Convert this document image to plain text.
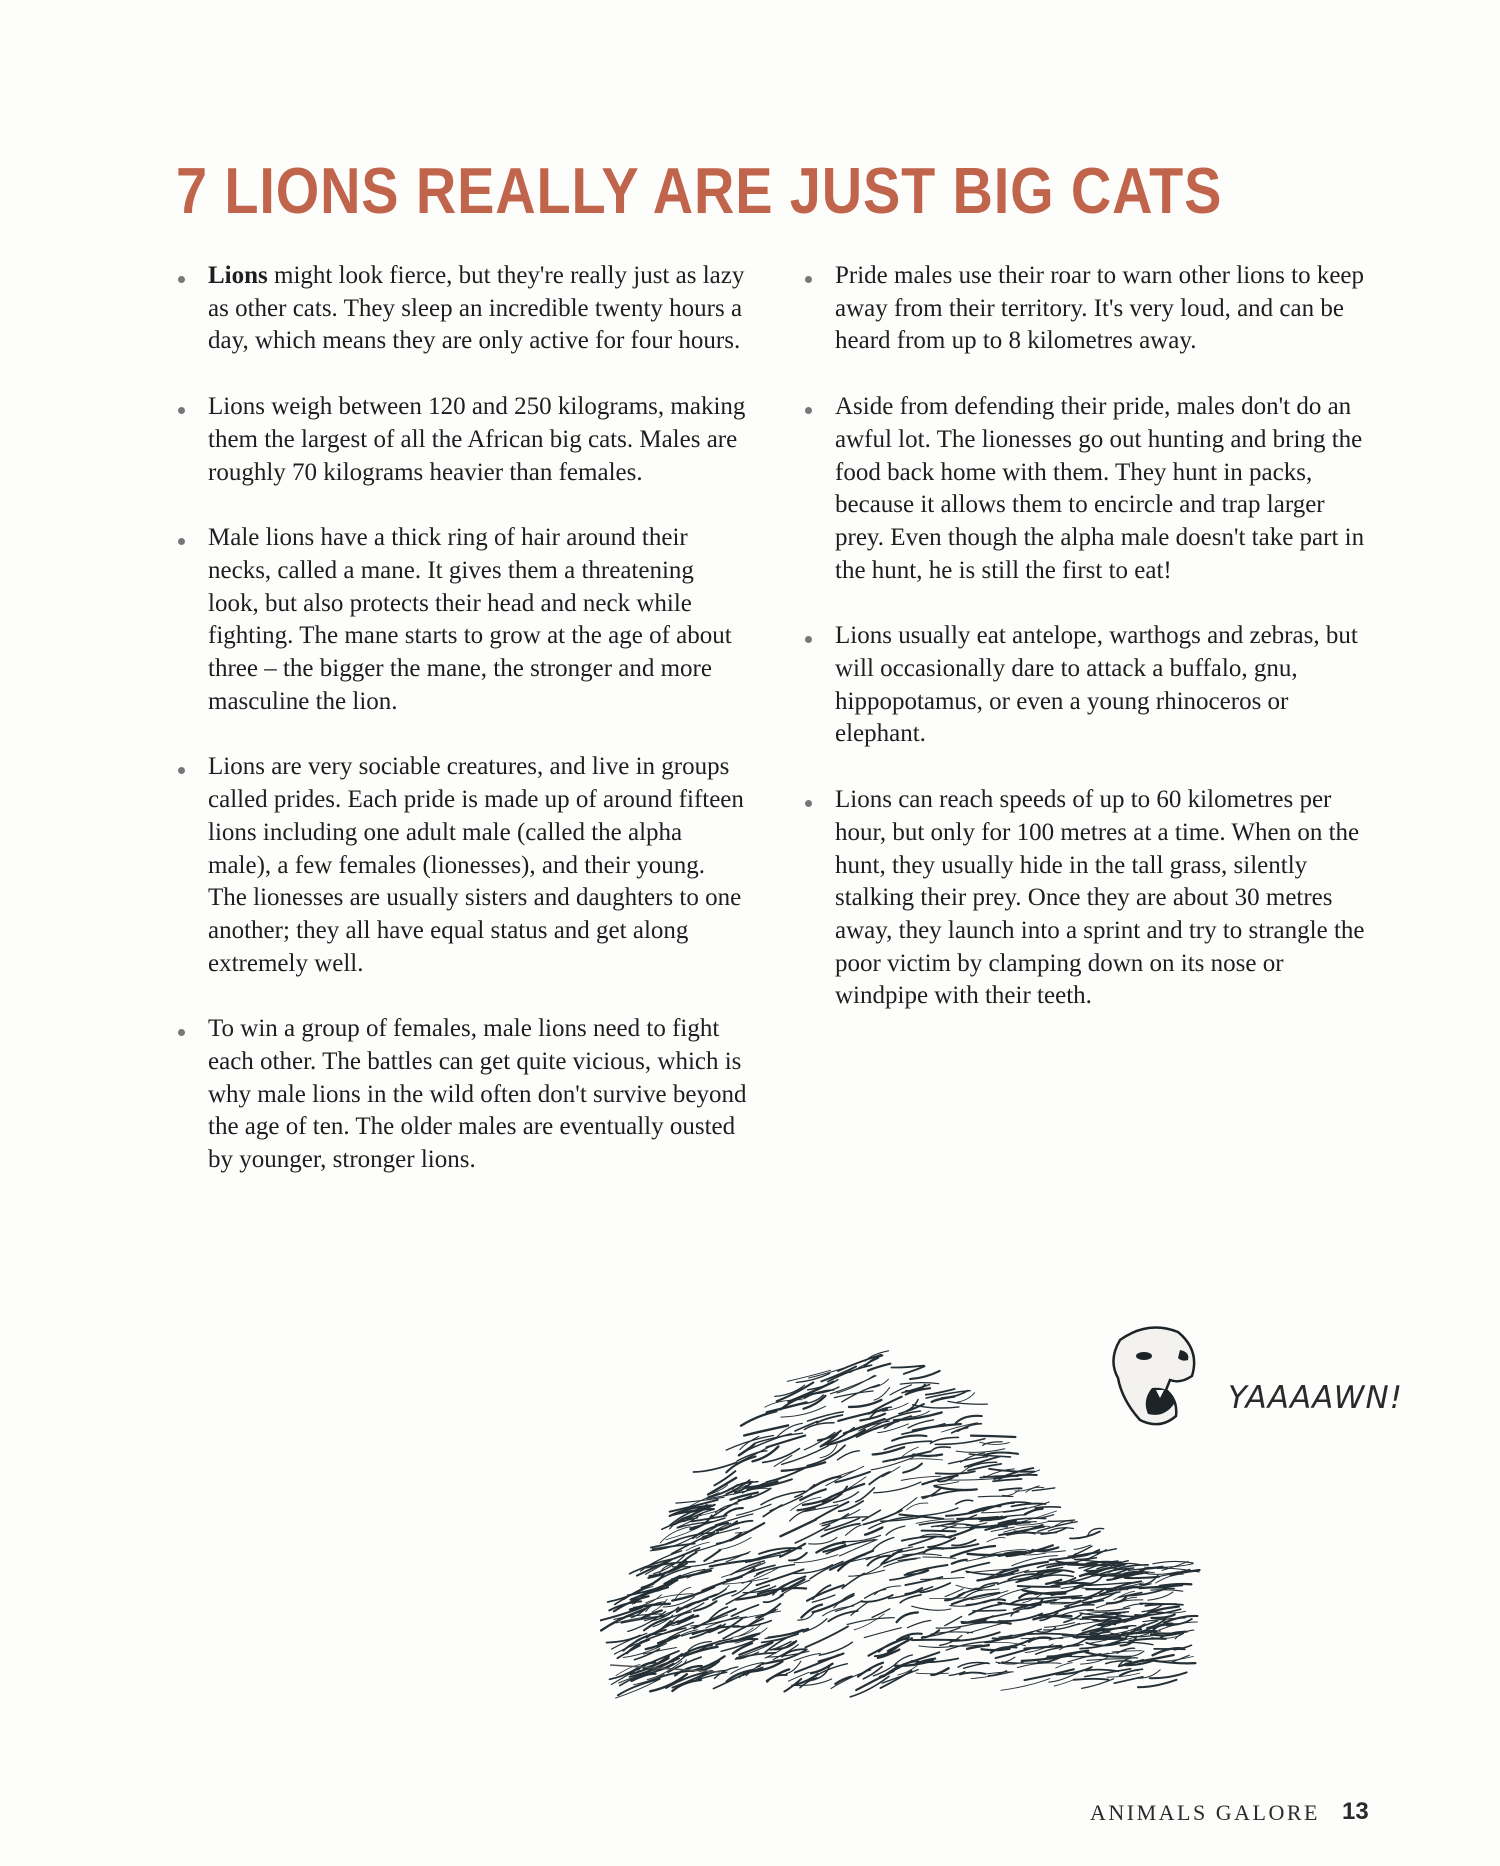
7 LIONS REALLY ARE JUST BIG CATS
Lions might look fierce, but they're really just as lazy as other cats. They sleep an incredible twenty hours a day, which means they are only active for four hours.
Lions weigh between 120 and 250 kilograms, making them the largest of all the African big cats. Males are roughly 70 kilograms heavier than females.
Male lions have a thick ring of hair around their necks, called a mane. It gives them a threatening look, but also protects their head and neck while fighting. The mane starts to grow at the age of about three – the bigger the mane, the stronger and more masculine the lion.
Lions are very sociable creatures, and live in groups called prides. Each pride is made up of around fifteen lions including one adult male (called the alpha male), a few females (lionesses), and their young. The lionesses are usually sisters and daughters to one another; they all have equal status and get along extremely well.
To win a group of females, male lions need to fight each other. The battles can get quite vicious, which is why male lions in the wild often don't survive beyond the age of ten. The older males are eventually ousted by younger, stronger lions.
Pride males use their roar to warn other lions to keep away from their territory. It's very loud, and can be heard from up to 8 kilometres away.
Aside from defending their pride, males don't do an awful lot. The lionesses go out hunting and bring the food back home with them. They hunt in packs, because it allows them to encircle and trap larger prey. Even though the alpha male doesn't take part in the hunt, he is still the first to eat!
Lions usually eat antelope, warthogs and zebras, but will occasionally dare to attack a buffalo, gnu, hippopotamus, or even a young rhinoceros or elephant.
Lions can reach speeds of up to 60 kilometres per hour, but only for 100 metres at a time. When on the hunt, they usually hide in the tall grass, silently stalking their prey. Once they are about 30 metres away, they launch into a sprint and try to strangle the poor victim by clamping down on its nose or windpipe with their teeth.
YAAAAWN!
ANIMALS GALORE 13
